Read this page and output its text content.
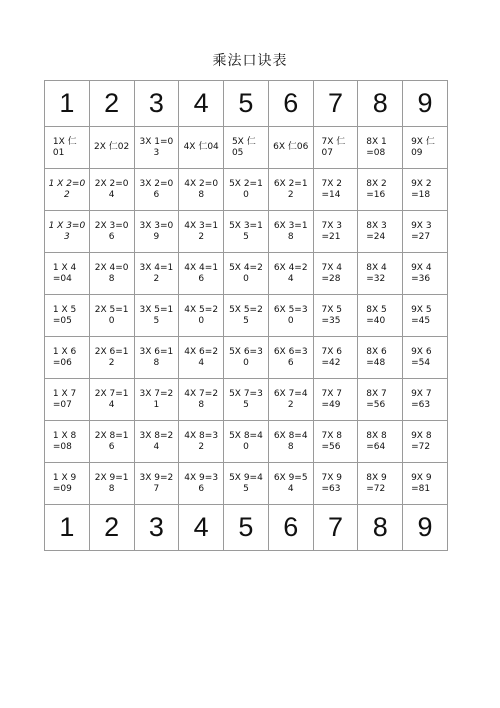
乘法口诀表
1	2	3	4	5	6	7	8	9
1X 仁01	2X 仁02	3X 1=03	4X 仁04	5X 仁05	6X 仁06	7X 仁07	8X 1=08	9X 仁09
1 X 2=02	2X 2=04	3X 2=06	4X 2=08	5X 2=10	6X 2=12	7X 2=14	8X 2=16	9X 2=18
1 X 3=03	2X 3=06	3X 3=09	4X 3=12	5X 3=15	6X 3=18	7X 3=21	8X 3=24	9X 3=27
1 X 4=04	2X 4=08	3X 4=12	4X 4=16	5X 4=20	6X 4=24	7X 4=28	8X 4=32	9X 4=36
1 X 5=05	2X 5=10	3X 5=15	4X 5=20	5X 5=25	6X 5=30	7X 5=35	8X 5=40	9X 5=45
1 X 6=06	2X 6=12	3X 6=18	4X 6=24	5X 6=30	6X 6=36	7X 6=42	8X 6=48	9X 6=54
1 X 7=07	2X 7=14	3X 7=21	4X 7=28	5X 7=35	6X 7=42	7X 7=49	8X 7=56	9X 7=63
1 X 8=08	2X 8=16	3X 8=24	4X 8=32	5X 8=40	6X 8=48	7X 8=56	8X 8=64	9X 8=72
1 X 9=09	2X 9=18	3X 9=27	4X 9=36	5X 9=45	6X 9=54	7X 9=63	8X 9=72	9X 9=81
1	2	3	4	5	6	7	8	9
